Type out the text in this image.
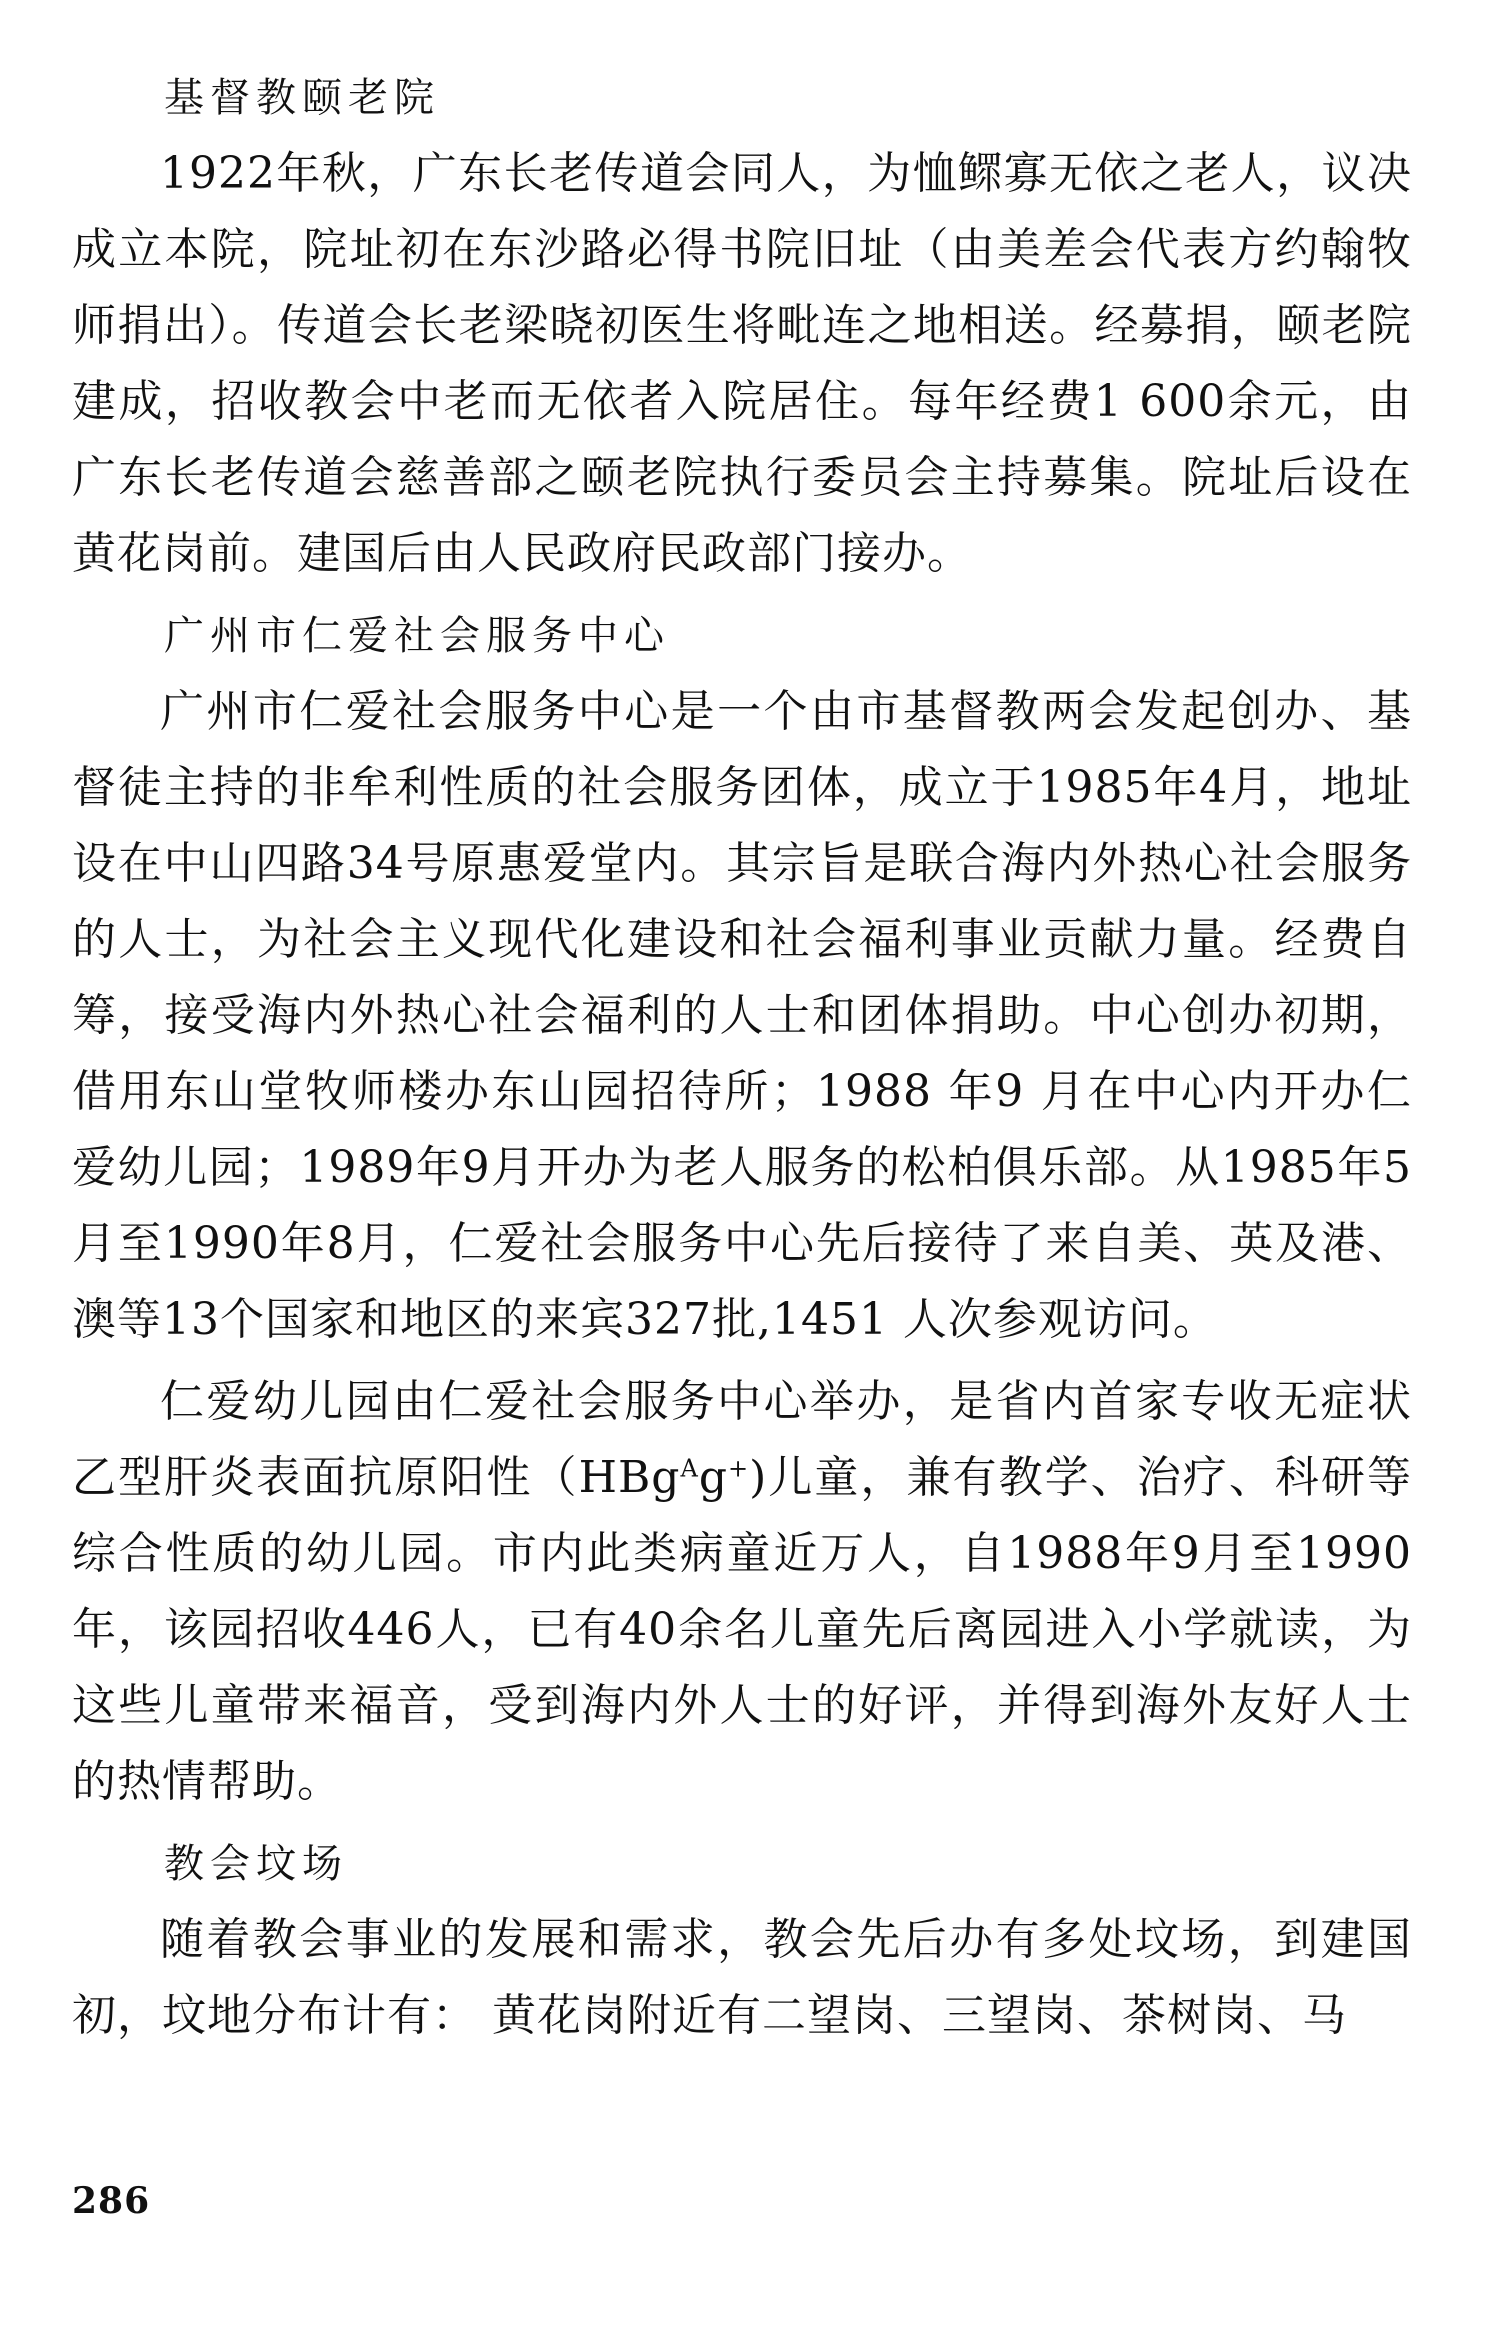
基督教颐老院

1922年秋，广东长老传道会同人，为恤鳏寡无依之老人，议决成立本院，院址初在东沙路必得书院旧址（由美差会代表方约翰牧师捐出）。传道会长老梁晓初医生将毗连之地相送。经募捐，颐老院建成，招收教会中老而无依者入院居住。每年经费1 600余元，由广东长老传道会慈善部之颐老院执行委员会主持募集。院址后设在黄花岗前。建国后由人民政府民政部门接办。

广州市仁爱社会服务中心

广州市仁爱社会服务中心是一个由市基督教两会发起创办、基督徒主持的非牟利性质的社会服务团体，成立于1985年4月，地址设在中山四路34号原惠爱堂内。其宗旨是联合海内外热心社会服务的人士，为社会主义现代化建设和社会福利事业贡献力量。经费自筹，接受海内外热心社会福利的人士和团体捐助。中心创办初期，借用东山堂牧师楼办东山园招待所；1988 年9 月在中心内开办仁爱幼儿园；1989年9月开办为老人服务的松柏俱乐部。从1985年5月至1990年8月，仁爱社会服务中心先后接待了来自美、英及港、澳等13个国家和地区的来宾327批,1451 人次参观访问。

仁爱幼儿园由仁爱社会服务中心举办，是省内首家专收无症状乙型肝炎表面抗原阳性（HBg$^A$g+)儿童，兼有教学、治疗、科研等综合性质的幼儿园。市内此类病童近万人，自1988年9月至1990年，该园招收446人，已有40余名儿童先后离园进入小学就读，为这些儿童带来福音，受到海内外人士的好评，并得到海外友好人士的热情帮助。

教会坟场

随着教会事业的发展和需求，教会先后办有多处坟场，到建国初，坟地分布计有： 黄花岗附近有二望岗、三望岗、茶树岗、马

286
